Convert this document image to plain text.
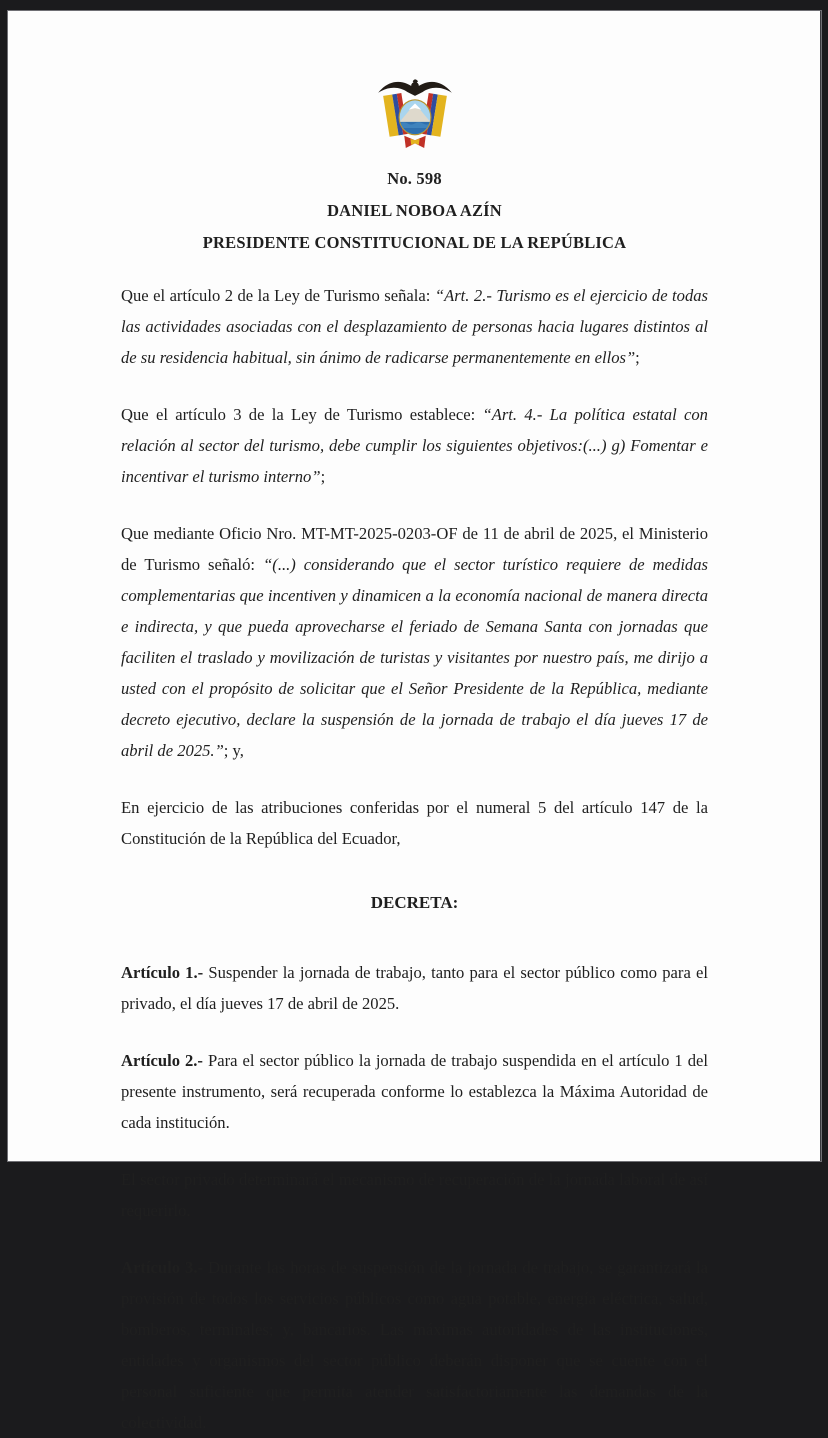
No. 598
DANIEL NOBOA AZÍN
PRESIDENTE CONSTITUCIONAL DE LA REPÚBLICA

Que el artículo 2 de la Ley de Turismo señala: “Art. 2.- Turismo es el ejercicio de todas las actividades asociadas con el desplazamiento de personas hacia lugares distintos al de su residencia habitual, sin ánimo de radicarse permanentemente en ellos”;

Que el artículo 3 de la Ley de Turismo establece: “Art. 4.- La política estatal con relación al sector del turismo, debe cumplir los siguientes objetivos:(...) g) Fomentar e incentivar el turismo interno”;

Que mediante Oficio Nro. MT-MT-2025-0203-OF de 11 de abril de 2025, el Ministerio de Turismo señaló: “(...) considerando que el sector turístico requiere de medidas complementarias que incentiven y dinamicen a la economía nacional de manera directa e indirecta, y que pueda aprovecharse el feriado de Semana Santa con jornadas que faciliten el traslado y movilización de turistas y visitantes por nuestro país, me dirijo a usted con el propósito de solicitar que el Señor Presidente de la República, mediante decreto ejecutivo, declare la suspensión de la jornada de trabajo el día jueves 17 de abril de 2025.”; y,

En ejercicio de las atribuciones conferidas por el numeral 5 del artículo 147 de la Constitución de la República del Ecuador,

DECRETA:

Artículo 1.- Suspender la jornada de trabajo, tanto para el sector público como para el privado, el día jueves 17 de abril de 2025.

Artículo 2.- Para el sector público la jornada de trabajo suspendida en el artículo 1 del presente instrumento, será recuperada conforme lo establezca la Máxima Autoridad de cada institución.

El sector privado determinará el mecanismo de recuperación de la jornada laboral de así requerirlo.

Artículo 3.- Durante las horas de suspensión de la jornada de trabajo, se garantizará la provisión de todos los servicios públicos como agua potable, energía eléctrica, salud, bomberos, terminales; y, bancarios. Las máximas autoridades de las instituciones, entidades y organismos del sector público deberán disponer que se cuente con el personal suficiente que permita atender satisfactoriamente las demandas de la colectividad.
